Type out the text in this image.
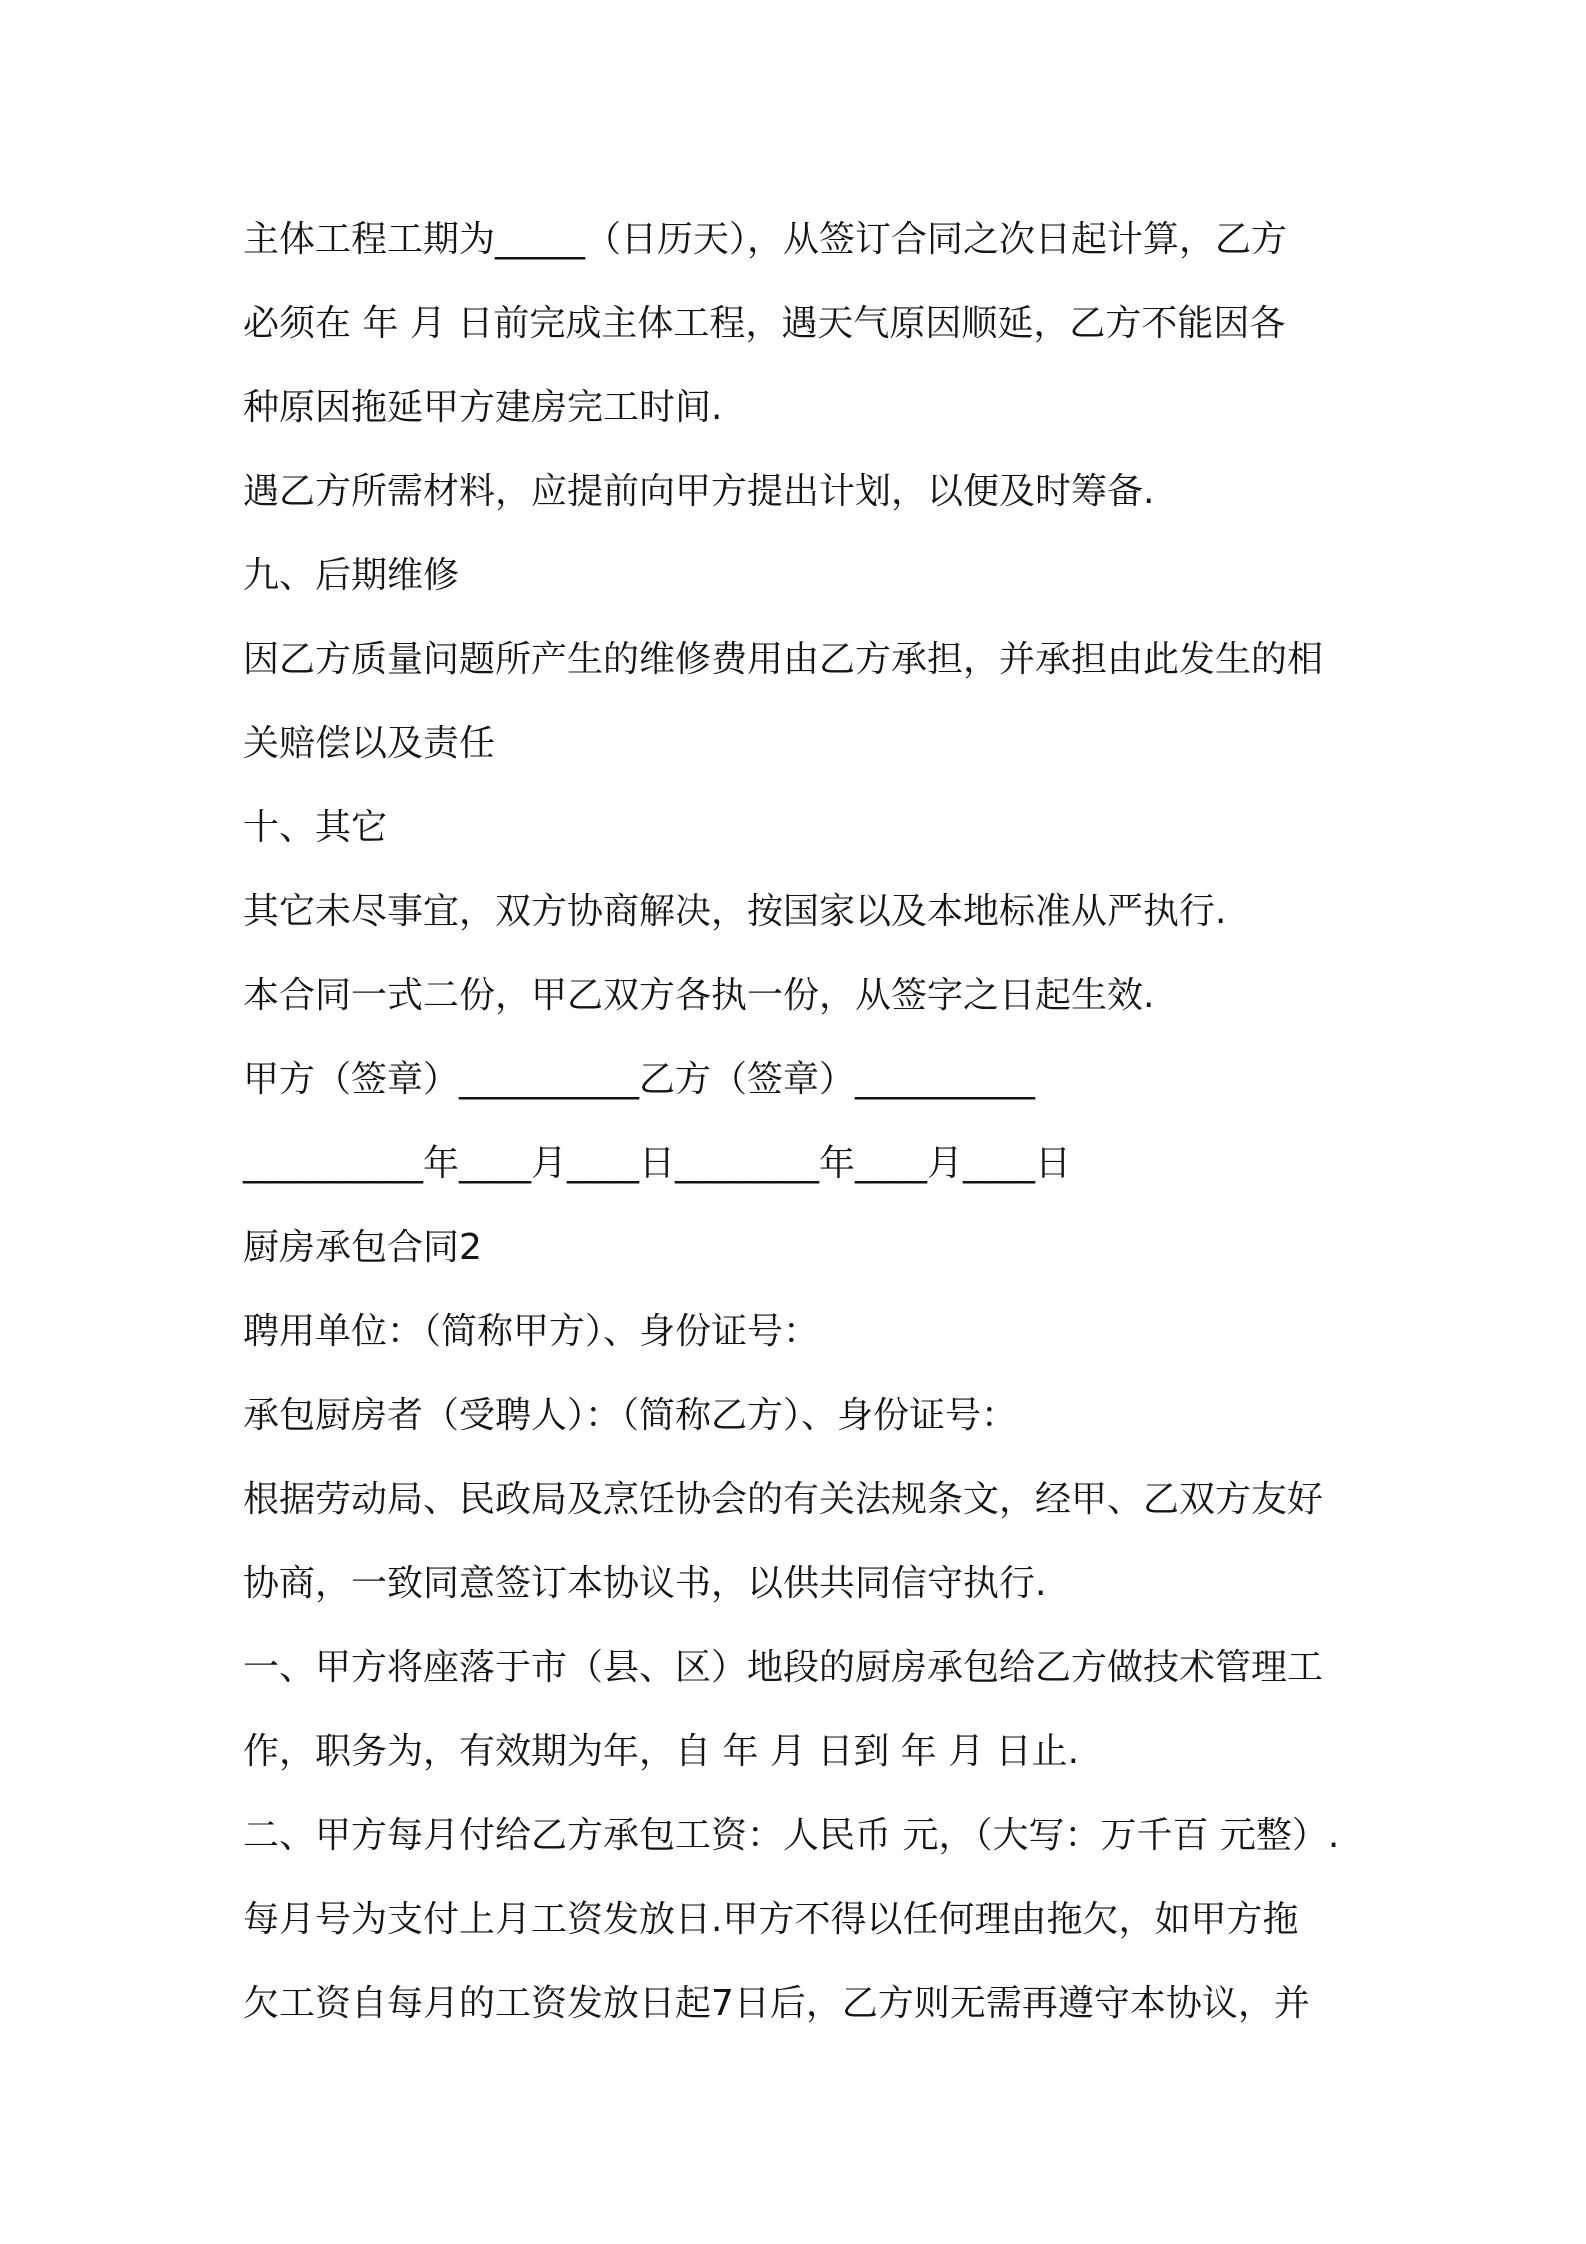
主体工程工期为_____（日历天），从签订合同之次日起计算，乙方
必须在 年 月 日前完成主体工程，遇天气原因顺延，乙方不能因各
种原因拖延甲方建房完工时间.
遇乙方所需材料，应提前向甲方提出计划，以便及时筹备.
九、后期维修
因乙方质量问题所产生的维修费用由乙方承担，并承担由此发生的相
关赔偿以及责任
十、其它
其它未尽事宜，双方协商解决，按国家以及本地标准从严执行.
本合同一式二份，甲乙双方各执一份，从签字之日起生效.
甲方（签章）__________乙方（签章）__________
__________年____月____日________年____月____日
厨房承包合同2
聘用单位：（简称甲方）、身份证号：
承包厨房者（受聘人）：（简称乙方）、身份证号：
根据劳动局、民政局及烹饪协会的有关法规条文，经甲、乙双方友好
协商，一致同意签订本协议书，以供共同信守执行.
一、甲方将座落于市（县、区）地段的厨房承包给乙方做技术管理工
作，职务为，有效期为年，自 年 月 日到 年 月 日止.
二、甲方每月付给乙方承包工资：人民币 元，（大写：万千百 元整）.
每月号为支付上月工资发放日.甲方不得以任何理由拖欠，如甲方拖
欠工资自每月的工资发放日起7日后，乙方则无需再遵守本协议，并
